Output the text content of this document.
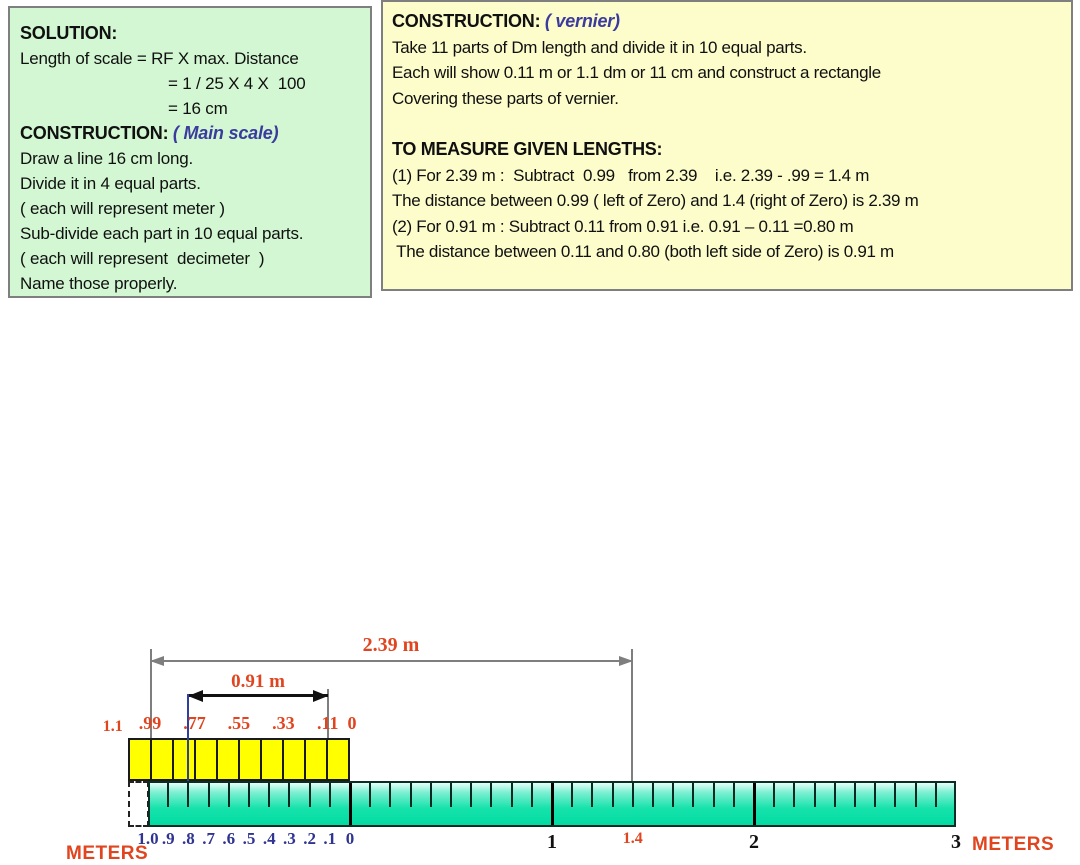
SOLUTION:
Length of scale = RF X max. Distance
= 1 / 25 X 4 X  100
= 16 cm
CONSTRUCTION: ( Main scale)
Draw a line 16 cm long.
Divide it in 4 equal parts.
( each will represent meter )
Sub-divide each part in 10 equal parts.
( each will represent  decimeter  )
Name those properly.
CONSTRUCTION: ( vernier)
Take 11 parts of Dm length and divide it in 10 equal parts.
Each will show 0.11 m or 1.1 dm or 11 cm and construct a rectangle
Covering these parts of vernier.
TO MEASURE GIVEN LENGTHS:
(1) For 2.39 m :  Subtract  0.99   from 2.39    i.e. 2.39 - .99 = 1.4 m
The distance between 0.99 ( left of Zero) and 1.4 (right of Zero) is 2.39 m
(2) For 0.91 m : Subtract 0.11 from 0.91 i.e. 0.91 – 0.11 =0.80 m
The distance between 0.11 and 0.80 (both left side of Zero) is 0.91 m
2.39 m
0.91 m
METERS	METERS
1.1 .99 .77 .55 .33 .11 0
1.0 .9 .8 .7 .6 .5 .4 .3 .2 .1 0	1	1.4	2	3
